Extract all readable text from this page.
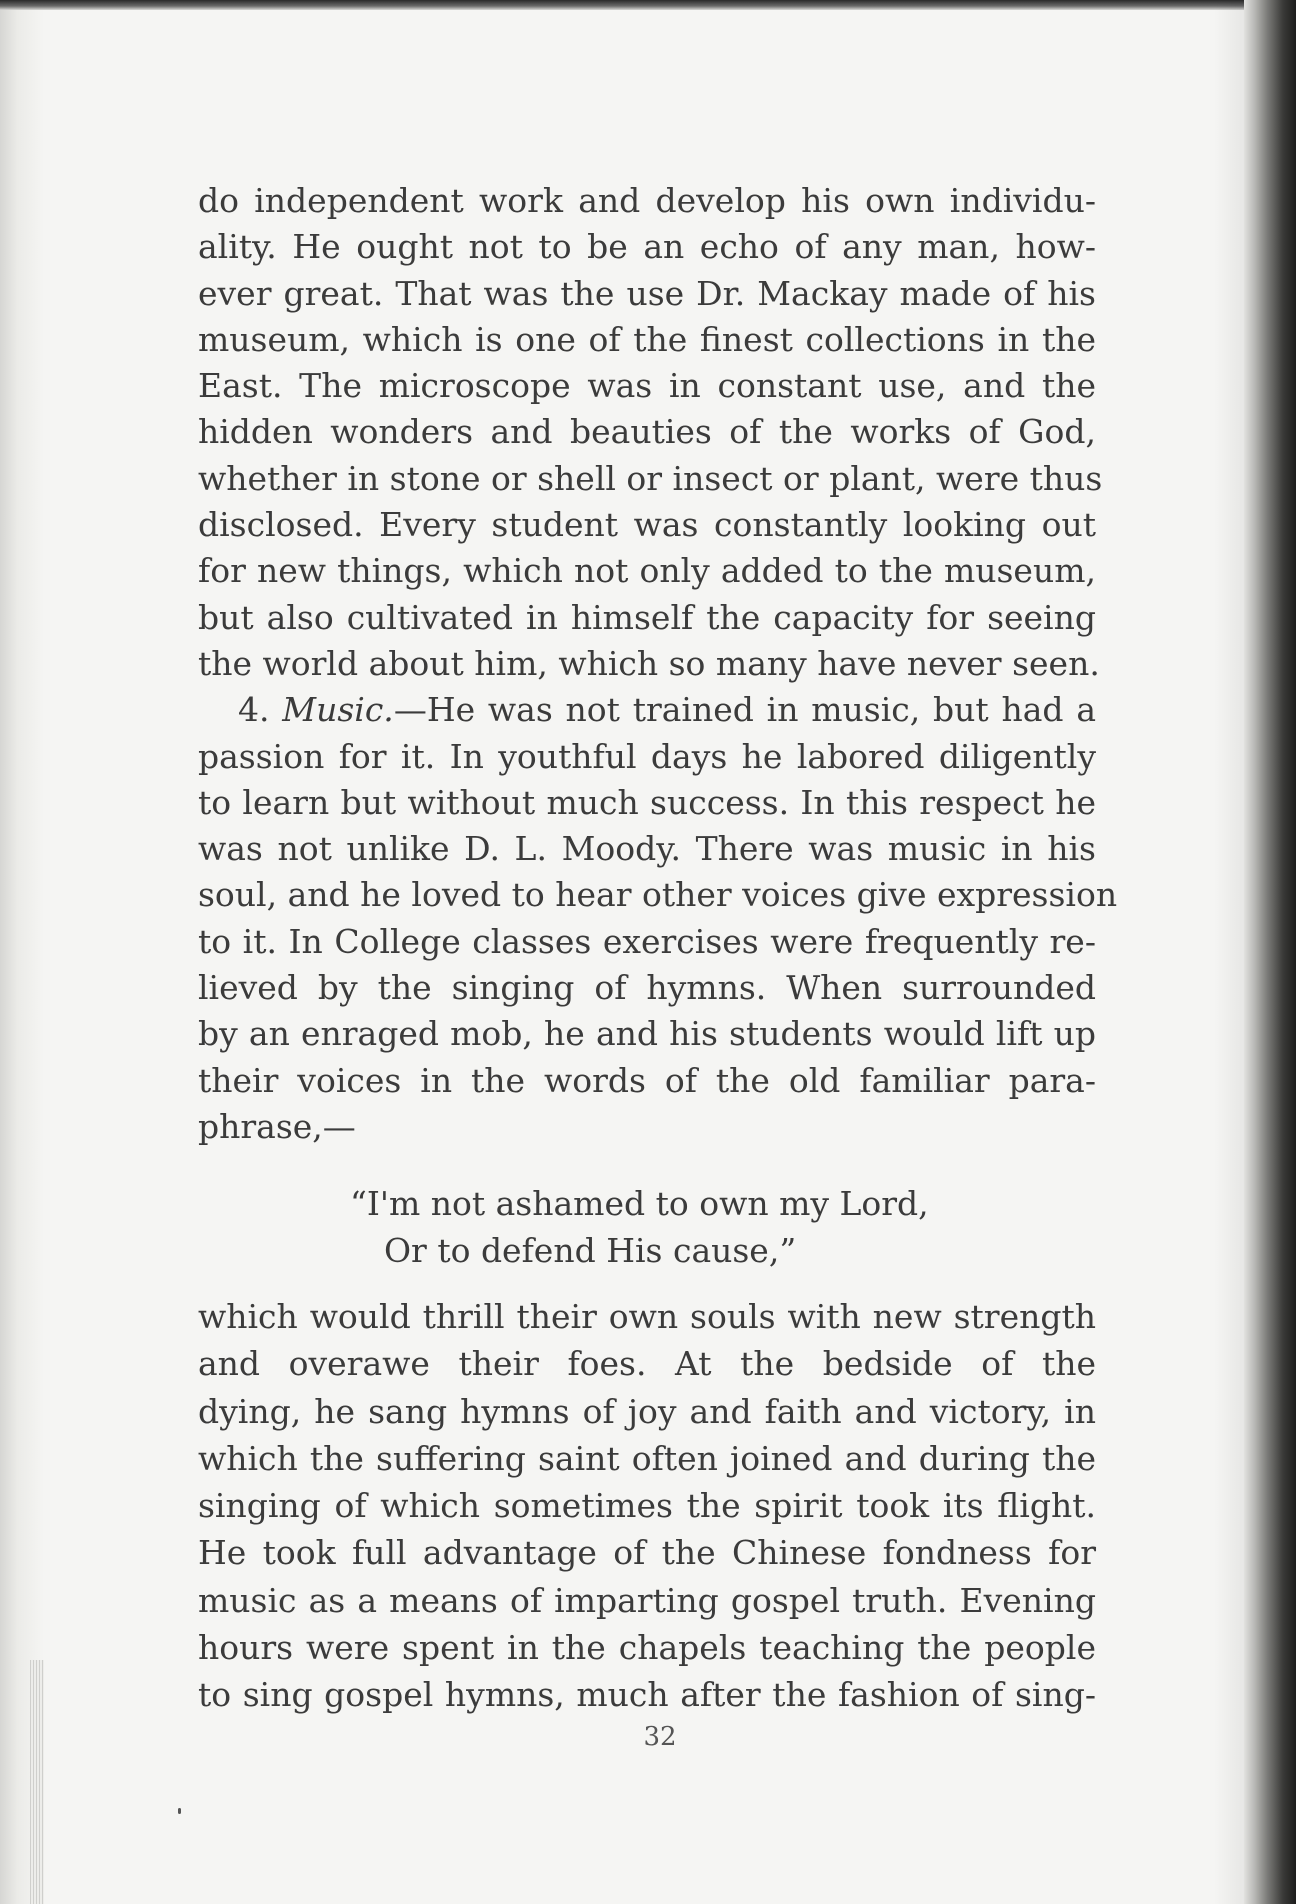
do independent work and develop his own individu-
ality. He ought not to be an echo of any man, how-
ever great. That was the use Dr. Mackay made of his
museum, which is one of the finest collections in the
East. The microscope was in constant use, and the
hidden wonders and beauties of the works of God,
whether in stone or shell or insect or plant, were thus
disclosed. Every student was constantly looking out
for new things, which not only added to the museum,
but also cultivated in himself the capacity for seeing
the world about him, which so many have never seen.
4. Music.—He was not trained in music, but had a
passion for it. In youthful days he labored diligently
to learn but without much success. In this respect he
was not unlike D. L. Moody. There was music in his
soul, and he loved to hear other voices give expression
to it. In College classes exercises were frequently re-
lieved by the singing of hymns. When surrounded
by an enraged mob, he and his students would lift up
their voices in the words of the old familiar para-
phrase,—
“I'm not ashamed to own my Lord,
Or to defend His cause,”
which would thrill their own souls with new strength
and overawe their foes. At the bedside of the
dying, he sang hymns of joy and faith and victory, in
which the suffering saint often joined and during the
singing of which sometimes the spirit took its flight.
He took full advantage of the Chinese fondness for
music as a means of imparting gospel truth. Evening
hours were spent in the chapels teaching the people
to sing gospel hymns, much after the fashion of sing-
32
